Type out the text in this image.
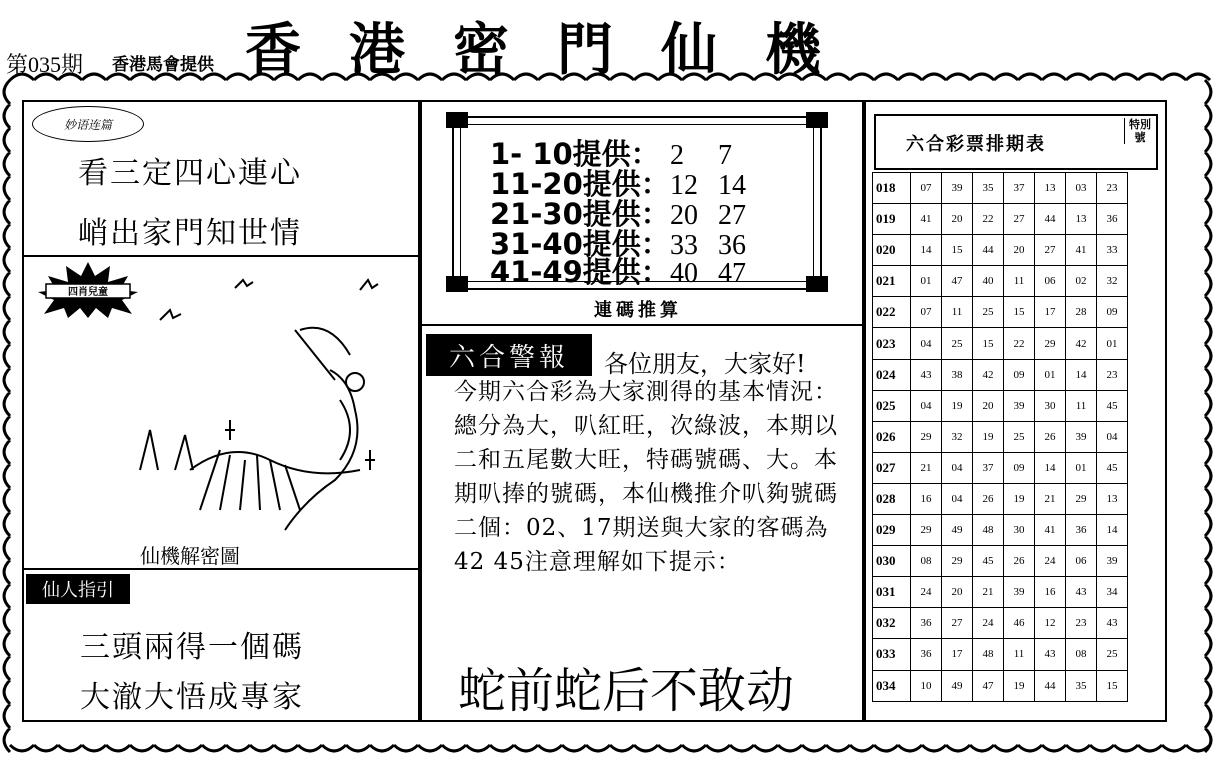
第035期 香港馬會提供 香港密門仙機
妙语连篇
看三定四心連心
峭出家門知世情
四肖兒童
仙機解密圖
仙人指引
三頭兩得一個碼
大澈大悟成專家
1- 10提供： 2 7
11-20提供：12 14
21-30提供：20 27
31-40提供：33 36
41-49提供：40 47
連碼推算
六合警報	各位朋友，大家好!
今期六合彩為大家測得的基本情況：總分為大，叭紅旺，次綠波，本期以二和五尾數大旺，特碼號碼、大。本期叭捧的號碼，本仙機推介叭夠號碼二個：02、17期送與大家的客碼為42 45注意理解如下提示：
蛇前蛇后不敢动
六合彩票排期表
特別號
018	07	39	35	37	13	03	23
019	41	20	22	27	44	13	36
020	14	15	44	20	27	41	33
021	01	47	40	11	06	02	32
022	07	11	25	15	17	28	09
023	04	25	15	22	29	42	01
024	43	38	42	09	01	14	23
025	04	19	20	39	30	11	45
026	29	32	19	25	26	39	04
027	21	04	37	09	14	01	45
028	16	04	26	19	21	29	13
029	29	49	48	30	41	36	14
030	08	29	45	26	24	06	39
031	24	20	21	39	16	43	34
032	36	27	24	46	12	23	43
033	36	17	48	11	43	08	25
034	10	49	47	19	44	35	15
